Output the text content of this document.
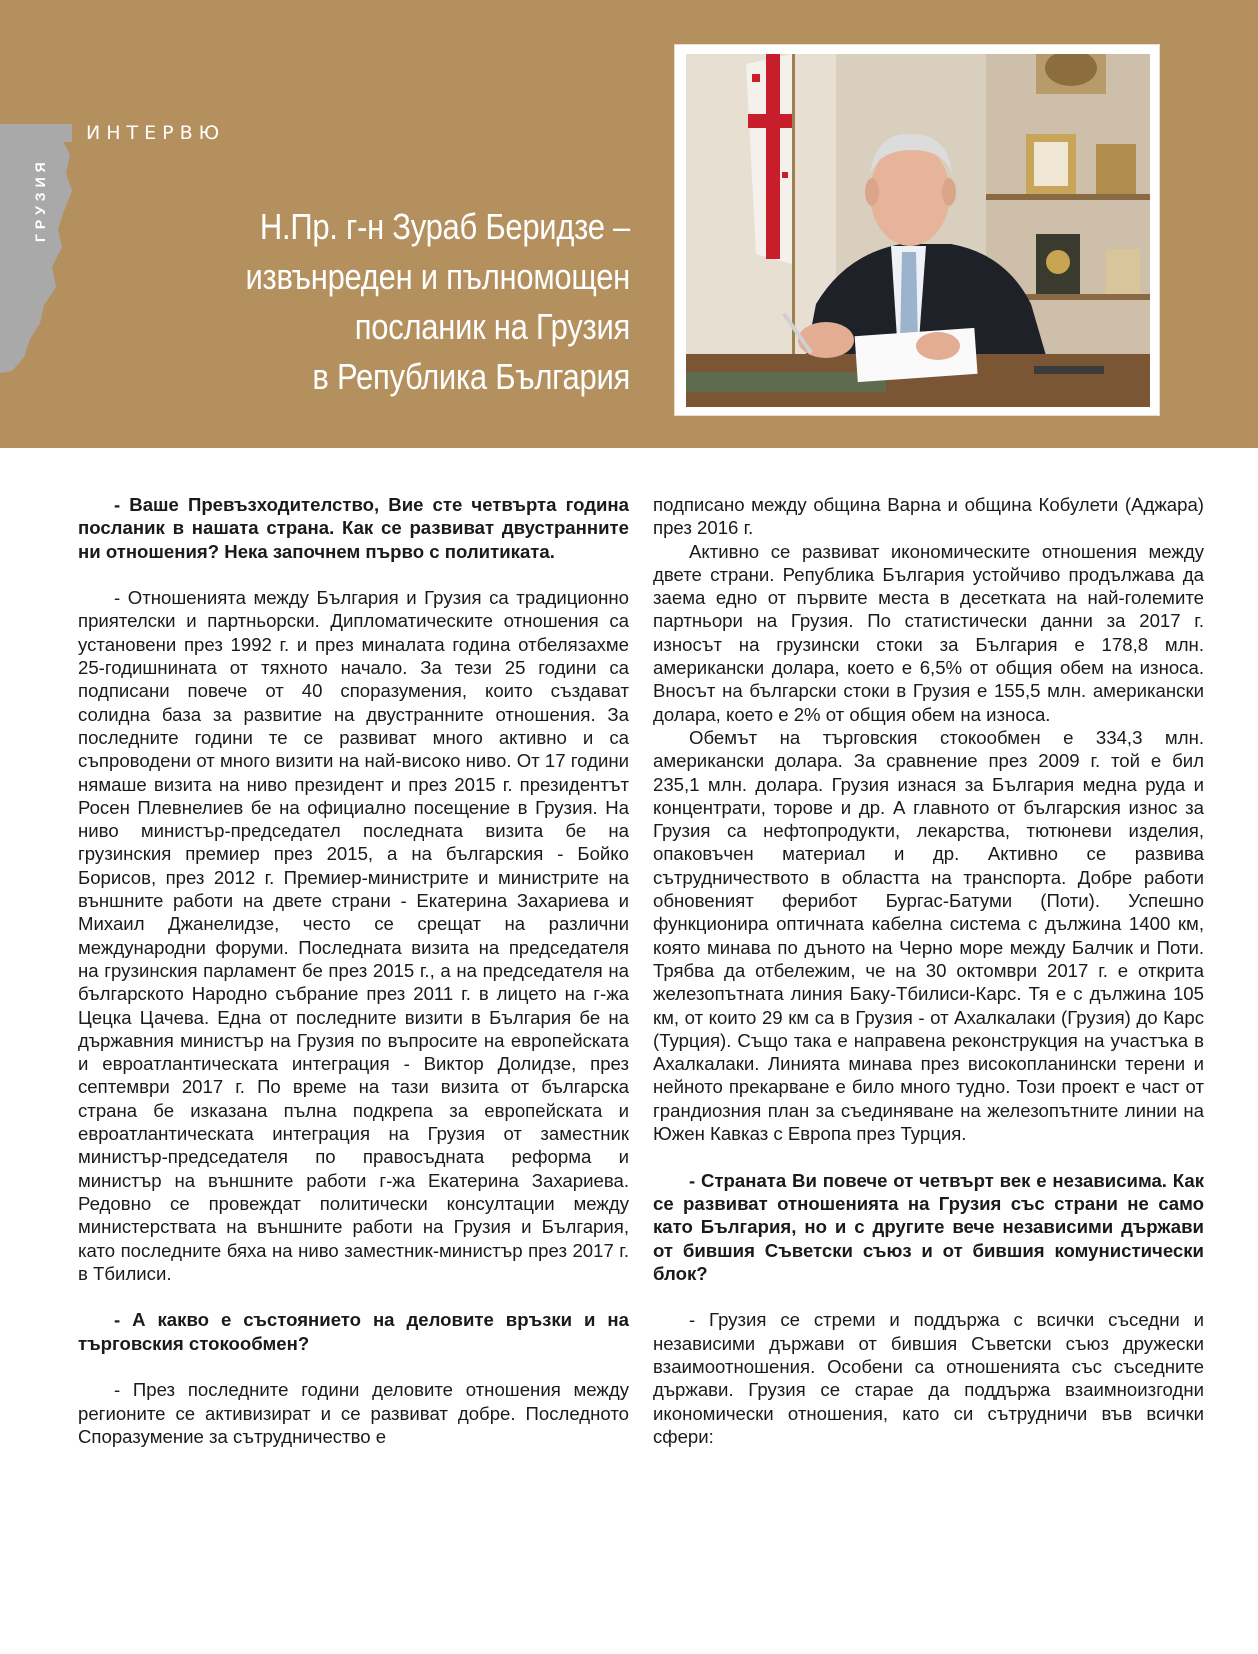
ИНТЕРВЮ
ГРУЗИЯ	Н.Пр. г-н Зураб Беридзе –
извънреден и пълномощен
посланик на Грузия
в Република България

- Ваше Превъзходителство, Вие сте четвърта година посланик в нашата страна. Как се развиват двустранните ни отношения? Нека започнем първо с политиката.

- Отношенията между България и Грузия са традиционно приятелски и партньорски. Дипломатическите отношения са установени през 1992 г. и през миналата година отбелязахме 25-годишнината от тяхното начало. За тези 25 години са подписани повече от 40 споразумения, които създават солидна база за развитие на двустранните отношения. За последните години те се развиват много активно и са съпроводени от много визити на най-високо ниво. От 17 години нямаше визита на ниво президент и през 2015 г. президентът Росен Плевнелиев бе на официално посещение в Грузия. На ниво министър-председател последната визита бе на грузинския премиер през 2015, а на българския - Бойко Борисов, през 2012 г. Премиер-министрите и министрите на външните работи на двете страни - Екатерина Захариева и Михаил Джанелидзе, често се срещат на различни международни форуми. Последната визита на председателя на грузинския парламент бе през 2015 г., а на председателя на българското Народно събрание през 2011 г. в лицето на г-жа Цецка Цачева. Една от последните визити в България бе на държавния министър на Грузия по въпросите на европейската и евроатлантическата интеграция - Виктор Долидзе, през септември 2017 г. По време на тази визита от българска страна бе изказана пълна подкрепа за европейската и евроатлантическата интеграция на Грузия от заместник министър-председателя по правосъдната реформа и министър на външните работи г-жа Екатерина Захариева. Редовно се провеждат политически консултации между министерствата на външните работи на Грузия и България, като последните бяха на ниво заместник-министър през 2017 г. в Тбилиси.

- А какво е състоянието на деловите връзки и на търговския стокообмен?

- През последните години деловите отношения между регионите се активизират и се развиват добре. Последното Споразумение за сътрудничество е

подписано между община Варна и община Кобулети (Аджара) през 2016 г.

Активно се развиват икономическите отношения между двете страни. Република България устойчиво продължава да заема едно от първите места в десетката на най-големите партньори на Грузия. По статистически данни за 2017 г. износът на грузински стоки за България е 178,8 млн. американски долара, което е 6,5% от общия обем на износа. Вносът на български стоки в Грузия е 155,5 млн. американски долара, което е 2% от общия обем на износа.

Обемът на търговския стокообмен е 334,3 млн. американски долара. За сравнение през 2009 г. той е бил 235,1 млн. долара. Грузия изнася за България медна руда и концентрати, торове и др. А главното от българския износ за Грузия са нефтопродукти, лекарства, тютюневи изделия, опаковъчен материал и др. Активно се развива сътрудничеството в областта на транспорта. Добре работи обновеният ферибот Бургас-Батуми (Поти). Успешно функционира оптичната кабелна система с дължина 1400 км, която минава по дъното на Черно море между Балчик и Поти. Трябва да отбележим, че на 30 октомври 2017 г. е открита железопътната линия Баку-Тбилиси-Карс. Тя е с дължина 105 км, от които 29 км са в Грузия - от Ахалкалаки (Грузия) до Карс (Турция). Също така е направена реконструкция на участъка в Ахалкалаки. Линията минава през високопланински терени и нейното прекарване е било много тудно. Този проект е част от грандиозния план за съединяване на железопътните линии на Южен Кавказ с Европа през Турция.

- Страната Ви повече от четвърт век е независима. Как се развиват отношенията на Грузия със страни не само като България, но и с другите вече независими държави от бившия Съветски съюз и от бившия комунистически блок?

- Грузия се стреми и поддържа с всички съседни и независими държави от бившия Съветски съюз дружески взаимоотношения. Особени са отношенията със съседните държави. Грузия се старае да поддържа взаимноизгодни икономически отношения, като си сътрудничи във всички сфери:
